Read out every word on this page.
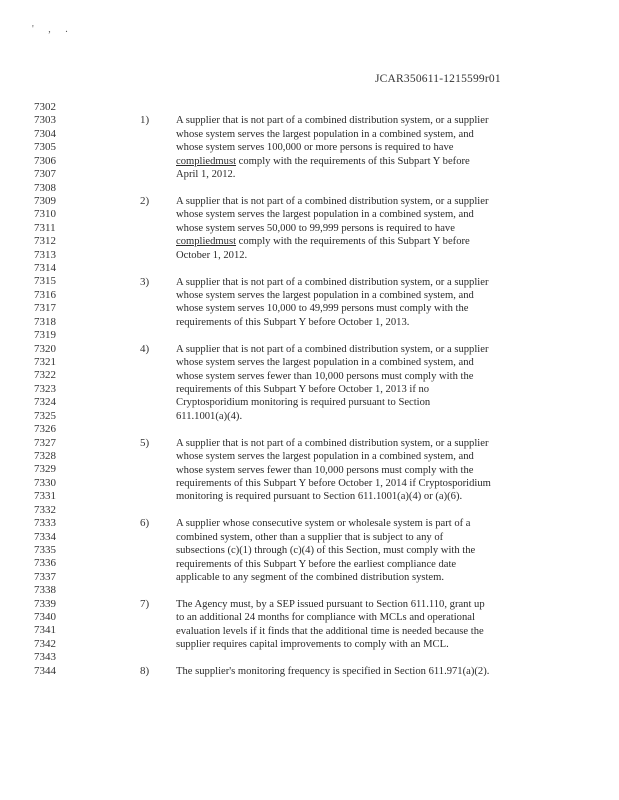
' , .
JCAR350611-1215599r01
7302
7303
7304
7305
7306
7307
7308
7309
7310
7311
7312
7313
7314
7315
7316
7317
7318
7319
7320
7321
7322
7323
7324
7325
7326
7327
7328
7329
7330
7331
7332
7333
7334
7335
7336
7337
7338
7339
7340
7341
7342
7343
7344
1)	A supplier that is not part of a combined distribution system, or a supplier
whose system serves the largest population in a combined system, and
whose system serves 100,000 or more persons is required to have
compliedmust comply with the requirements of this Subpart Y before
April 1, 2012.
2)	A supplier that is not part of a combined distribution system, or a supplier
whose system serves the largest population in a combined system, and
whose system serves 50,000 to 99,999 persons is required to have
compliedmust comply with the requirements of this Subpart Y before
October 1, 2012.
3)	A supplier that is not part of a combined distribution system, or a supplier
whose system serves the largest population in a combined system, and
whose system serves 10,000 to 49,999 persons must comply with the
requirements of this Subpart Y before October 1, 2013.
4)	A supplier that is not part of a combined distribution system, or a supplier
whose system serves the largest population in a combined system, and
whose system serves fewer than 10,000 persons must comply with the
requirements of this Subpart Y before October 1, 2013 if no
Cryptosporidium monitoring is required pursuant to Section
611.1001(a)(4).
5)	A supplier that is not part of a combined distribution system, or a supplier
whose system serves the largest population in a combined system, and
whose system serves fewer than 10,000 persons must comply with the
requirements of this Subpart Y before October 1, 2014 if Cryptosporidium
monitoring is required pursuant to Section 611.1001(a)(4) or (a)(6).
6)	A supplier whose consecutive system or wholesale system is part of a
combined system, other than a supplier that is subject to any of
subsections (c)(1) through (c)(4) of this Section, must comply with the
requirements of this Subpart Y before the earliest compliance date
applicable to any segment of the combined distribution system.
7)	The Agency must, by a SEP issued pursuant to Section 611.110, grant up
to an additional 24 months for compliance with MCLs and operational
evaluation levels if it finds that the additional time is needed because the
supplier requires capital improvements to comply with an MCL.
8)	The supplier's monitoring frequency is specified in Section 611.971(a)(2).
